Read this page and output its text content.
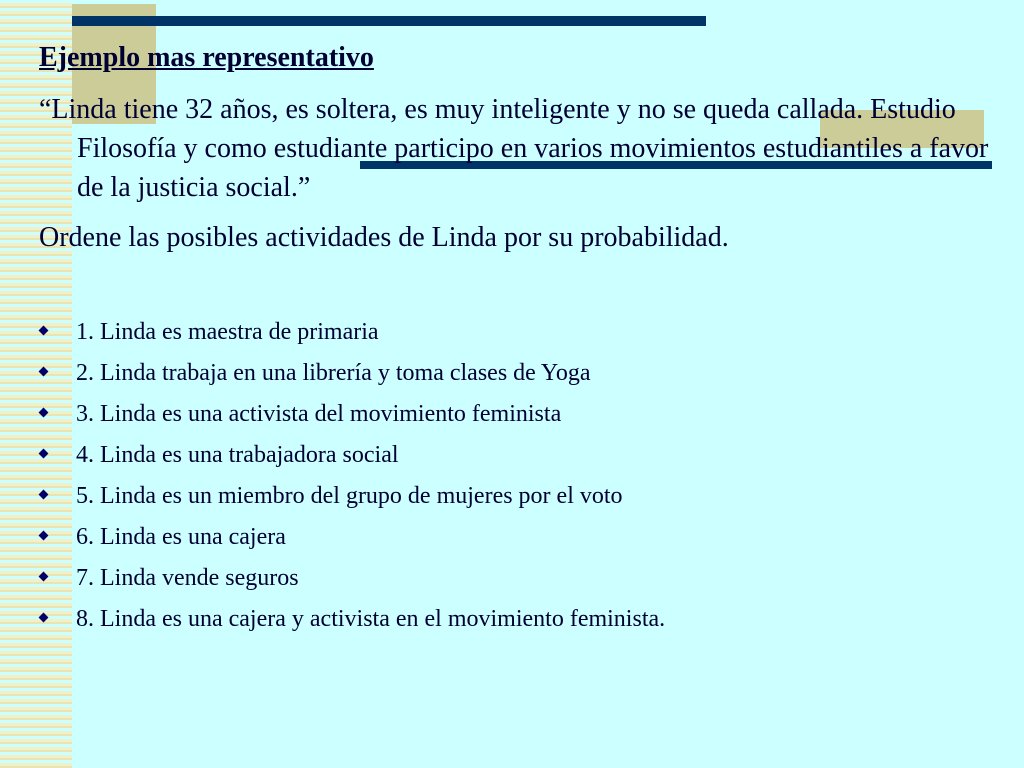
Ejemplo mas representativo
“Linda tiene 32 años, es soltera, es muy inteligente y no se queda callada. Estudio Filosofía y como estudiante participo en varios movimientos estudiantiles a favor de la justicia social.”
Ordene las posibles actividades de Linda por su probabilidad.
1. Linda es maestra de primaria
2. Linda trabaja en una librería y toma clases de Yoga
3. Linda es una activista del movimiento feminista
4. Linda es una trabajadora social
5. Linda es un miembro del grupo de mujeres por el voto
6. Linda es una cajera
7. Linda vende seguros
8. Linda es una cajera y activista en el movimiento feminista.
